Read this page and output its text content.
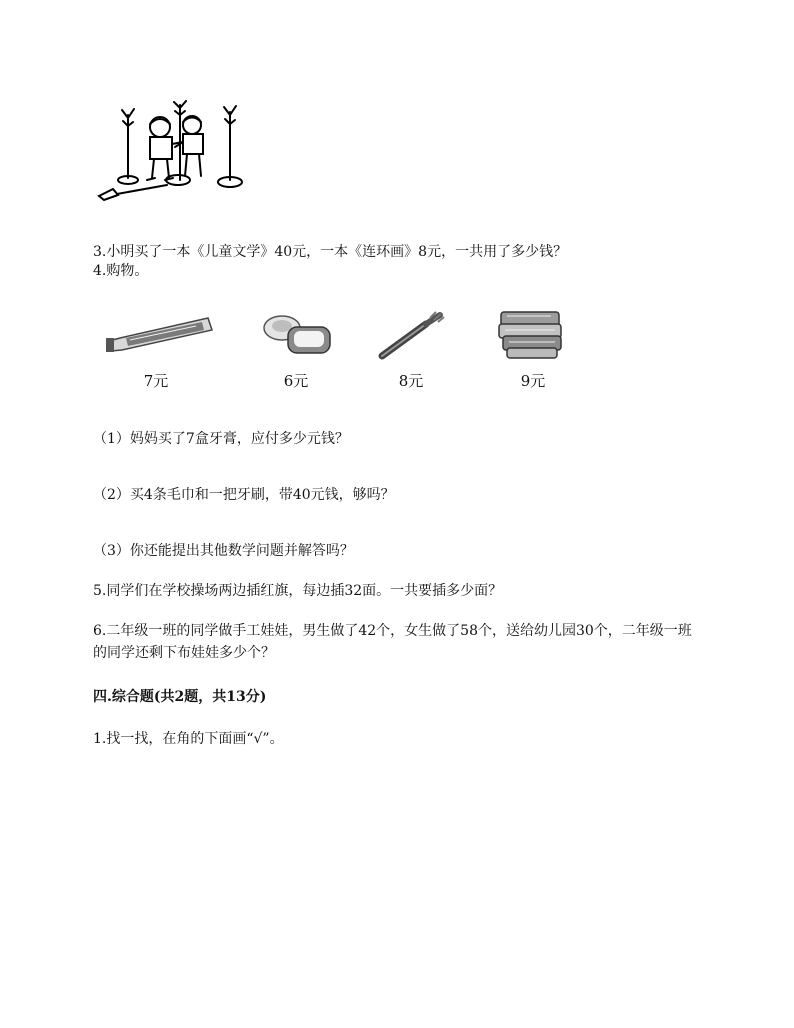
3.小明买了一本《儿童文学》40元，一本《连环画》8元，一共用了多少钱？
4.购物。
7元	6元	8元	9元
（1）妈妈买了7盒牙膏，应付多少元钱？
（2）买4条毛巾和一把牙刷，带40元钱，够吗？
（3）你还能提出其他数学问题并解答吗？
5.同学们在学校操场两边插红旗，每边插32面。一共要插多少面？
6.二年级一班的同学做手工娃娃，男生做了42个，女生做了58个，送给幼儿园30个，二年级一班的同学还剩下布娃娃多少个？
四.综合题(共2题，共13分)
1.找一找，在角的下面画“√”。
